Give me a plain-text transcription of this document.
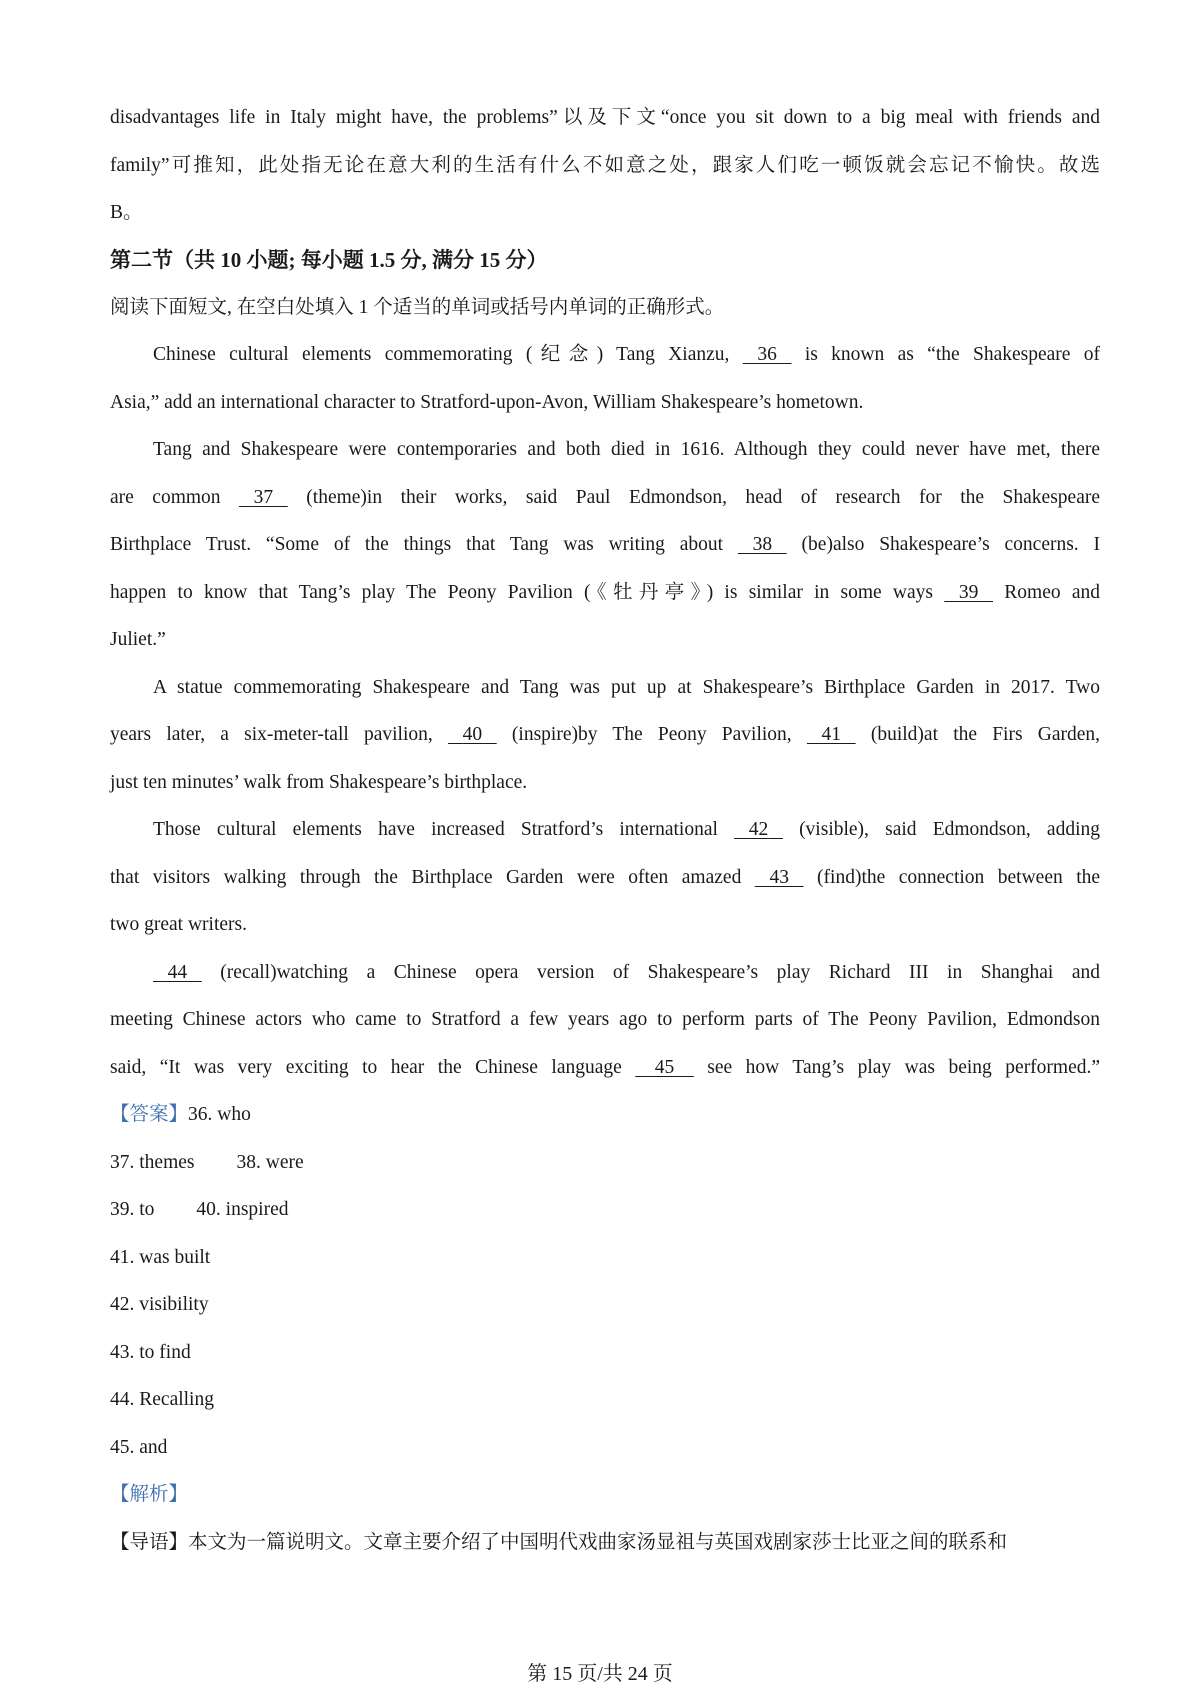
disadvantages life in Italy might have, the problems”以及下文“once you sit down to a big meal with friends and
family”可推知，此处指无论在意大利的生活有什么不如意之处，跟家人们吃一顿饭就会忘记不愉快。故选
B。
第二节（共 10 小题; 每小题 1.5 分, 满分 15 分）
阅读下面短文, 在空白处填入 1 个适当的单词或括号内单词的正确形式。
Chinese cultural elements commemorating (纪念) Tang Xianzu, 36 is known as “the Shakespeare of
Asia,” add an international character to Stratford-upon-Avon, William Shakespeare’s hometown.
Tang and Shakespeare were contemporaries and both died in 1616. Although they could never have met, there
are common 37 (theme)in their works, said Paul Edmondson, head of research for the Shakespeare
Birthplace Trust. “Some of the things that Tang was writing about 38 (be)also Shakespeare’s concerns. I
happen to know that Tang’s play The Peony Pavilion (《牡丹亭》) is similar in some ways 39 Romeo and
Juliet.”
A statue commemorating Shakespeare and Tang was put up at Shakespeare’s Birthplace Garden in 2017. Two
years later, a six-meter-tall pavilion, 40 (inspire)by The Peony Pavilion, 41 (build)at the Firs Garden,
just ten minutes’ walk from Shakespeare’s birthplace.
Those cultural elements have increased Stratford’s international 42 (visible), said Edmondson, adding
that visitors walking through the Birthplace Garden were often amazed 43 (find)the connection between the
two great writers.
44 (recall)watching a Chinese opera version of Shakespeare’s play Richard III in Shanghai and
meeting Chinese actors who came to Stratford a few years ago to perform parts of The Peony Pavilion, Edmondson
said, “It was very exciting to hear the Chinese language 45 see how Tang’s play was being performed.”
【答案】36. who
37. themes 38. were
39. to 40. inspired
41. was built
42. visibility
43. to find
44. Recalling
45. and
【解析】
【导语】本文为一篇说明文。文章主要介绍了中国明代戏曲家汤显祖与英国戏剧家莎士比亚之间的联系和
第 15 页/共 24 页
